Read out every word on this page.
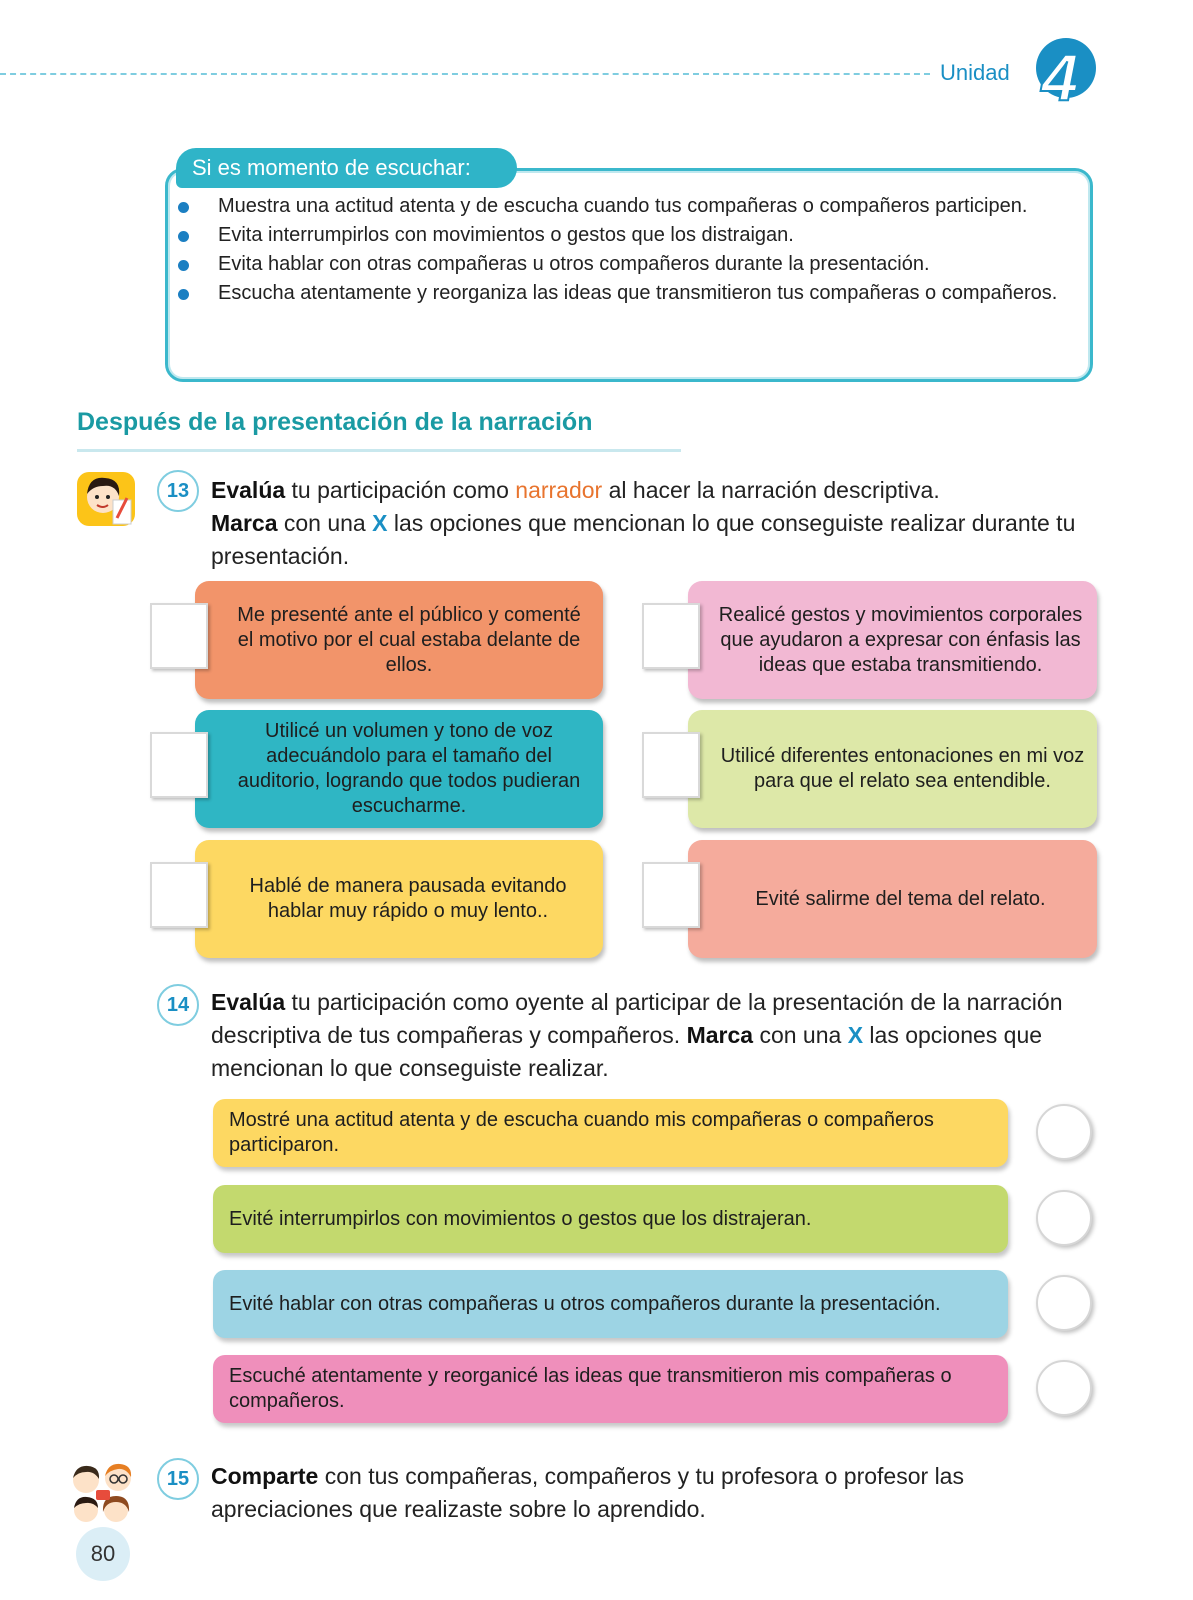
Unidad 4
Si es momento de escuchar:
Muestra una actitud atenta y de escucha cuando tus compañeras o compañeros participen.
Evita interrumpirlos con movimientos o gestos que los distraigan.
Evita hablar con otras compañeras u otros compañeros durante la presentación.
Escucha atentamente y reorganiza las ideas que transmitieron tus compañeras o compañeros.
Después de la presentación de la narración
13 Evalúa tu participación como narrador al hacer la narración descriptiva.
Marca con una X las opciones que mencionan lo que conseguiste realizar durante tu presentación.
Me presenté ante el público y comenté el motivo por el cual estaba delante de ellos.
Realicé gestos y movimientos corporales que ayudaron a expresar con énfasis las ideas que estaba transmitiendo.
Utilicé un volumen y tono de voz adecuándolo para el tamaño del auditorio, logrando que todos pudieran escucharme.
Utilicé diferentes entonaciones en mi voz para que el relato sea entendible.
Hablé de manera pausada evitando hablar muy rápido o muy lento..
Evité salirme del tema del relato.
14 Evalúa tu participación como oyente al participar de la presentación de la narración descriptiva de tus compañeras y compañeros. Marca con una X las opciones que mencionan lo que conseguiste realizar.
Mostré una actitud atenta y de escucha cuando mis compañeras o compañeros participaron.
Evité interrumpirlos con movimientos o gestos que los distrajeran.
Evité hablar con otras compañeras u otros compañeros durante la presentación.
Escuché atentamente y reorganicé las ideas que transmitieron mis compañeras o compañeros.
15 Comparte con tus compañeras, compañeros y tu profesora o profesor las apreciaciones que realizaste sobre lo aprendido.
80
